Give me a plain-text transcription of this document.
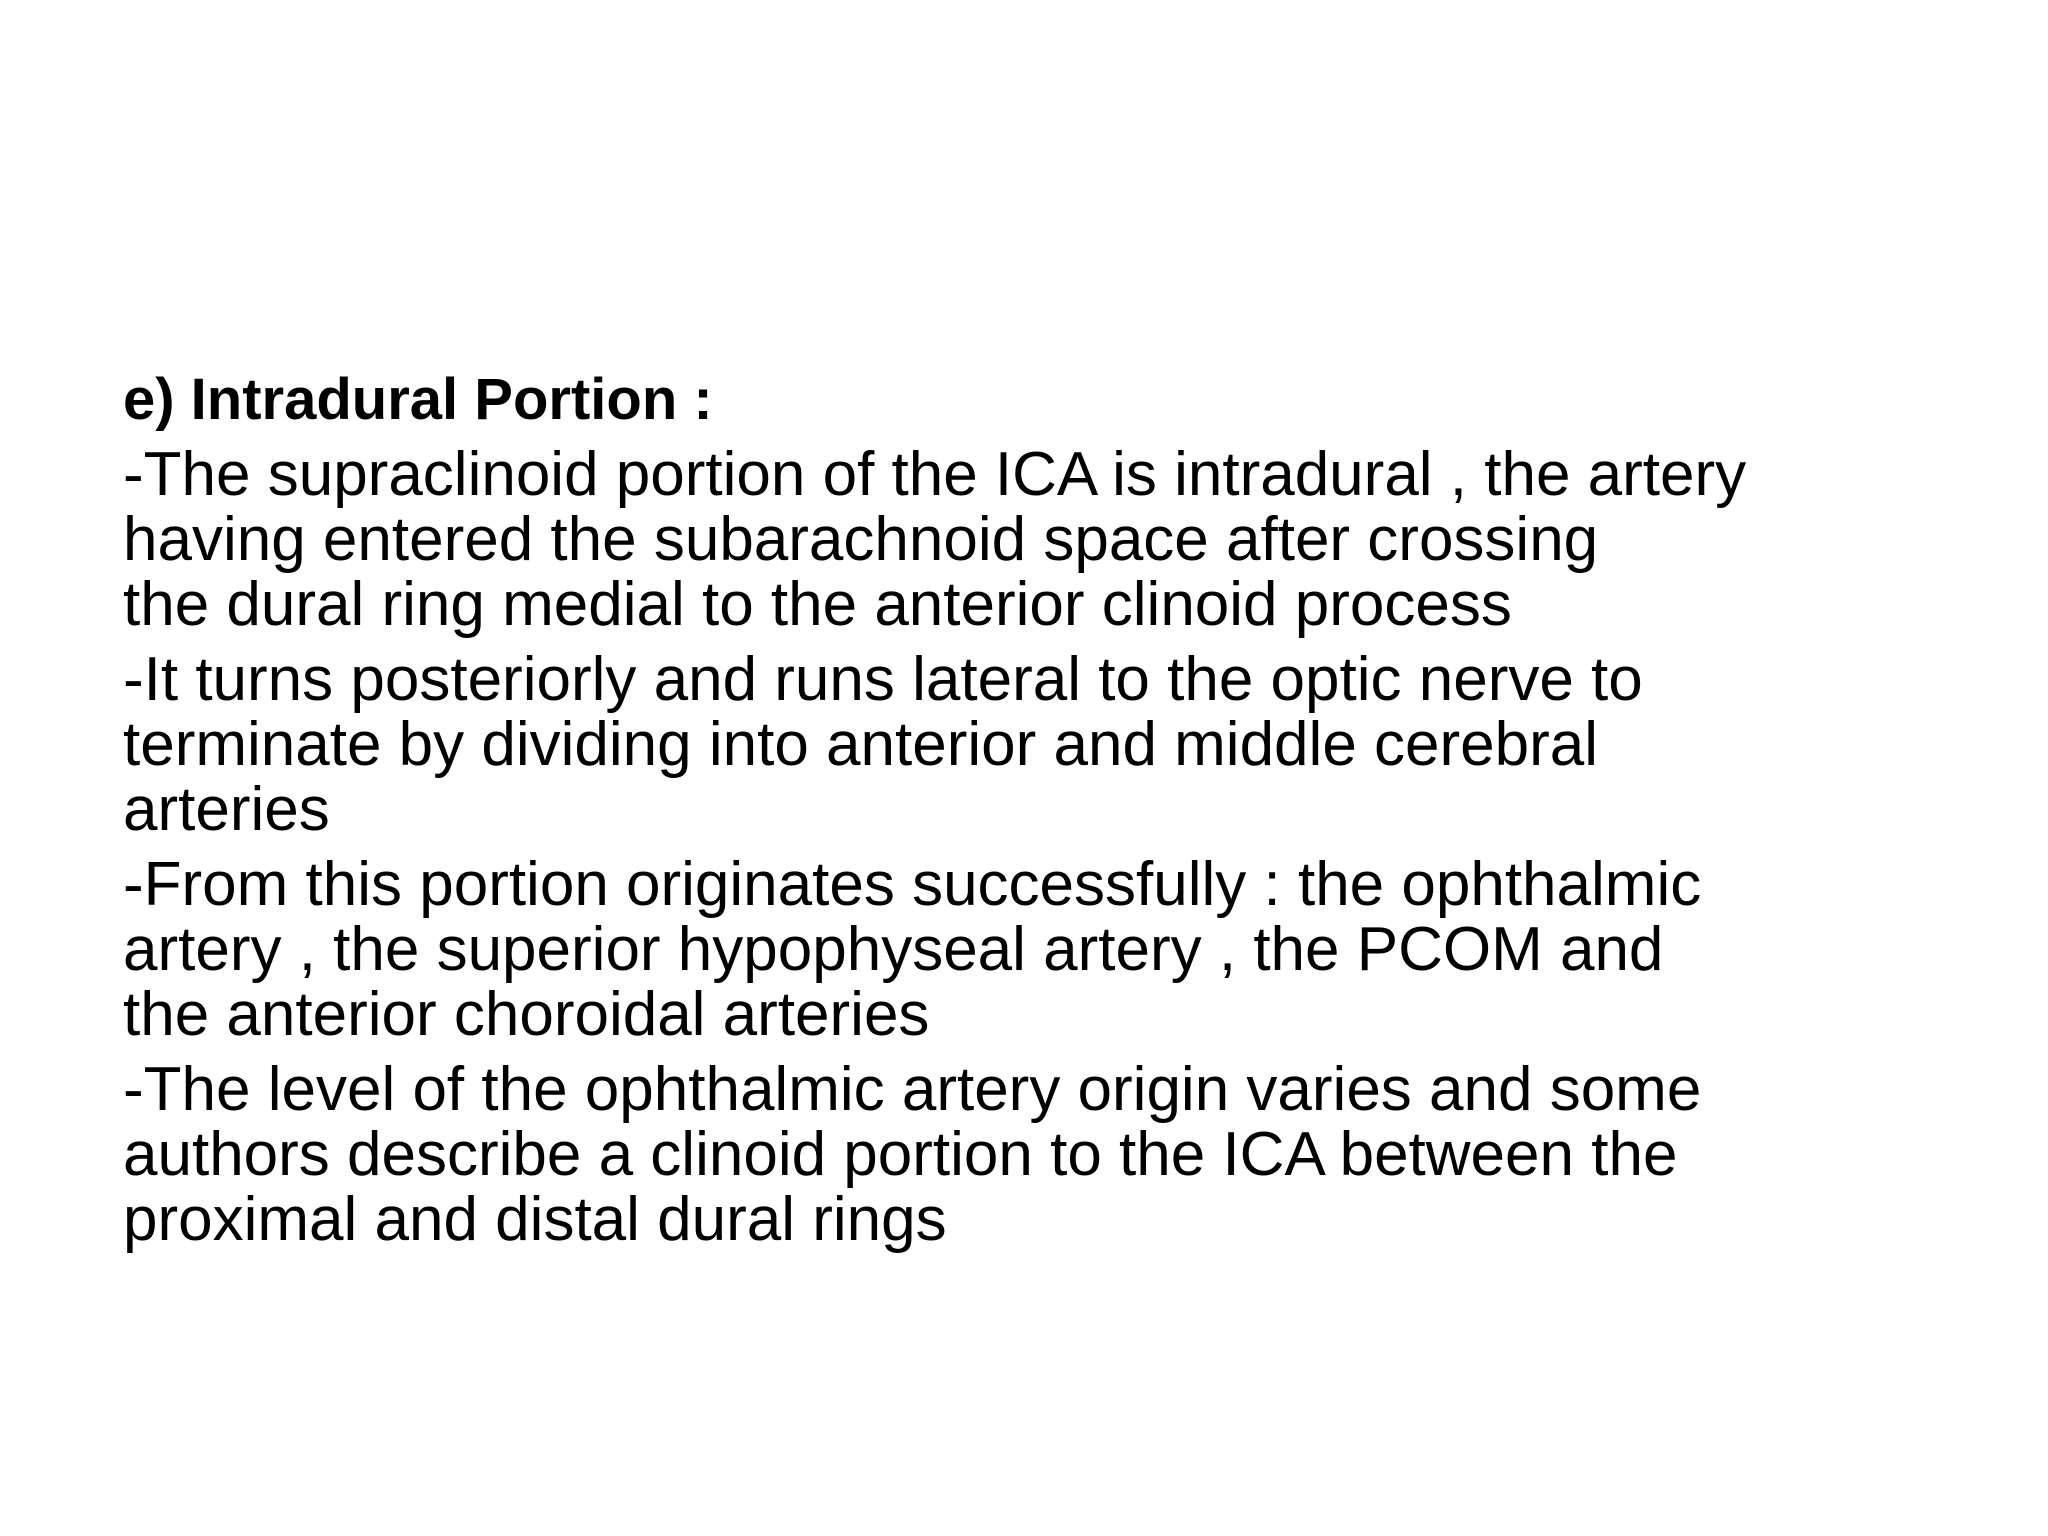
e) Intradural Portion :
-The supraclinoid portion of the ICA is intradural , the artery
having entered the subarachnoid space after crossing
the dural ring medial to the anterior clinoid process
-It turns posteriorly and runs lateral to the optic nerve to
terminate by dividing into anterior and middle cerebral
arteries
-From this portion originates successfully : the ophthalmic
artery , the superior hypophyseal artery , the PCOM and
the anterior choroidal arteries
-The level of the ophthalmic artery origin varies and some
authors describe a clinoid portion to the ICA between the
proximal and distal dural rings
